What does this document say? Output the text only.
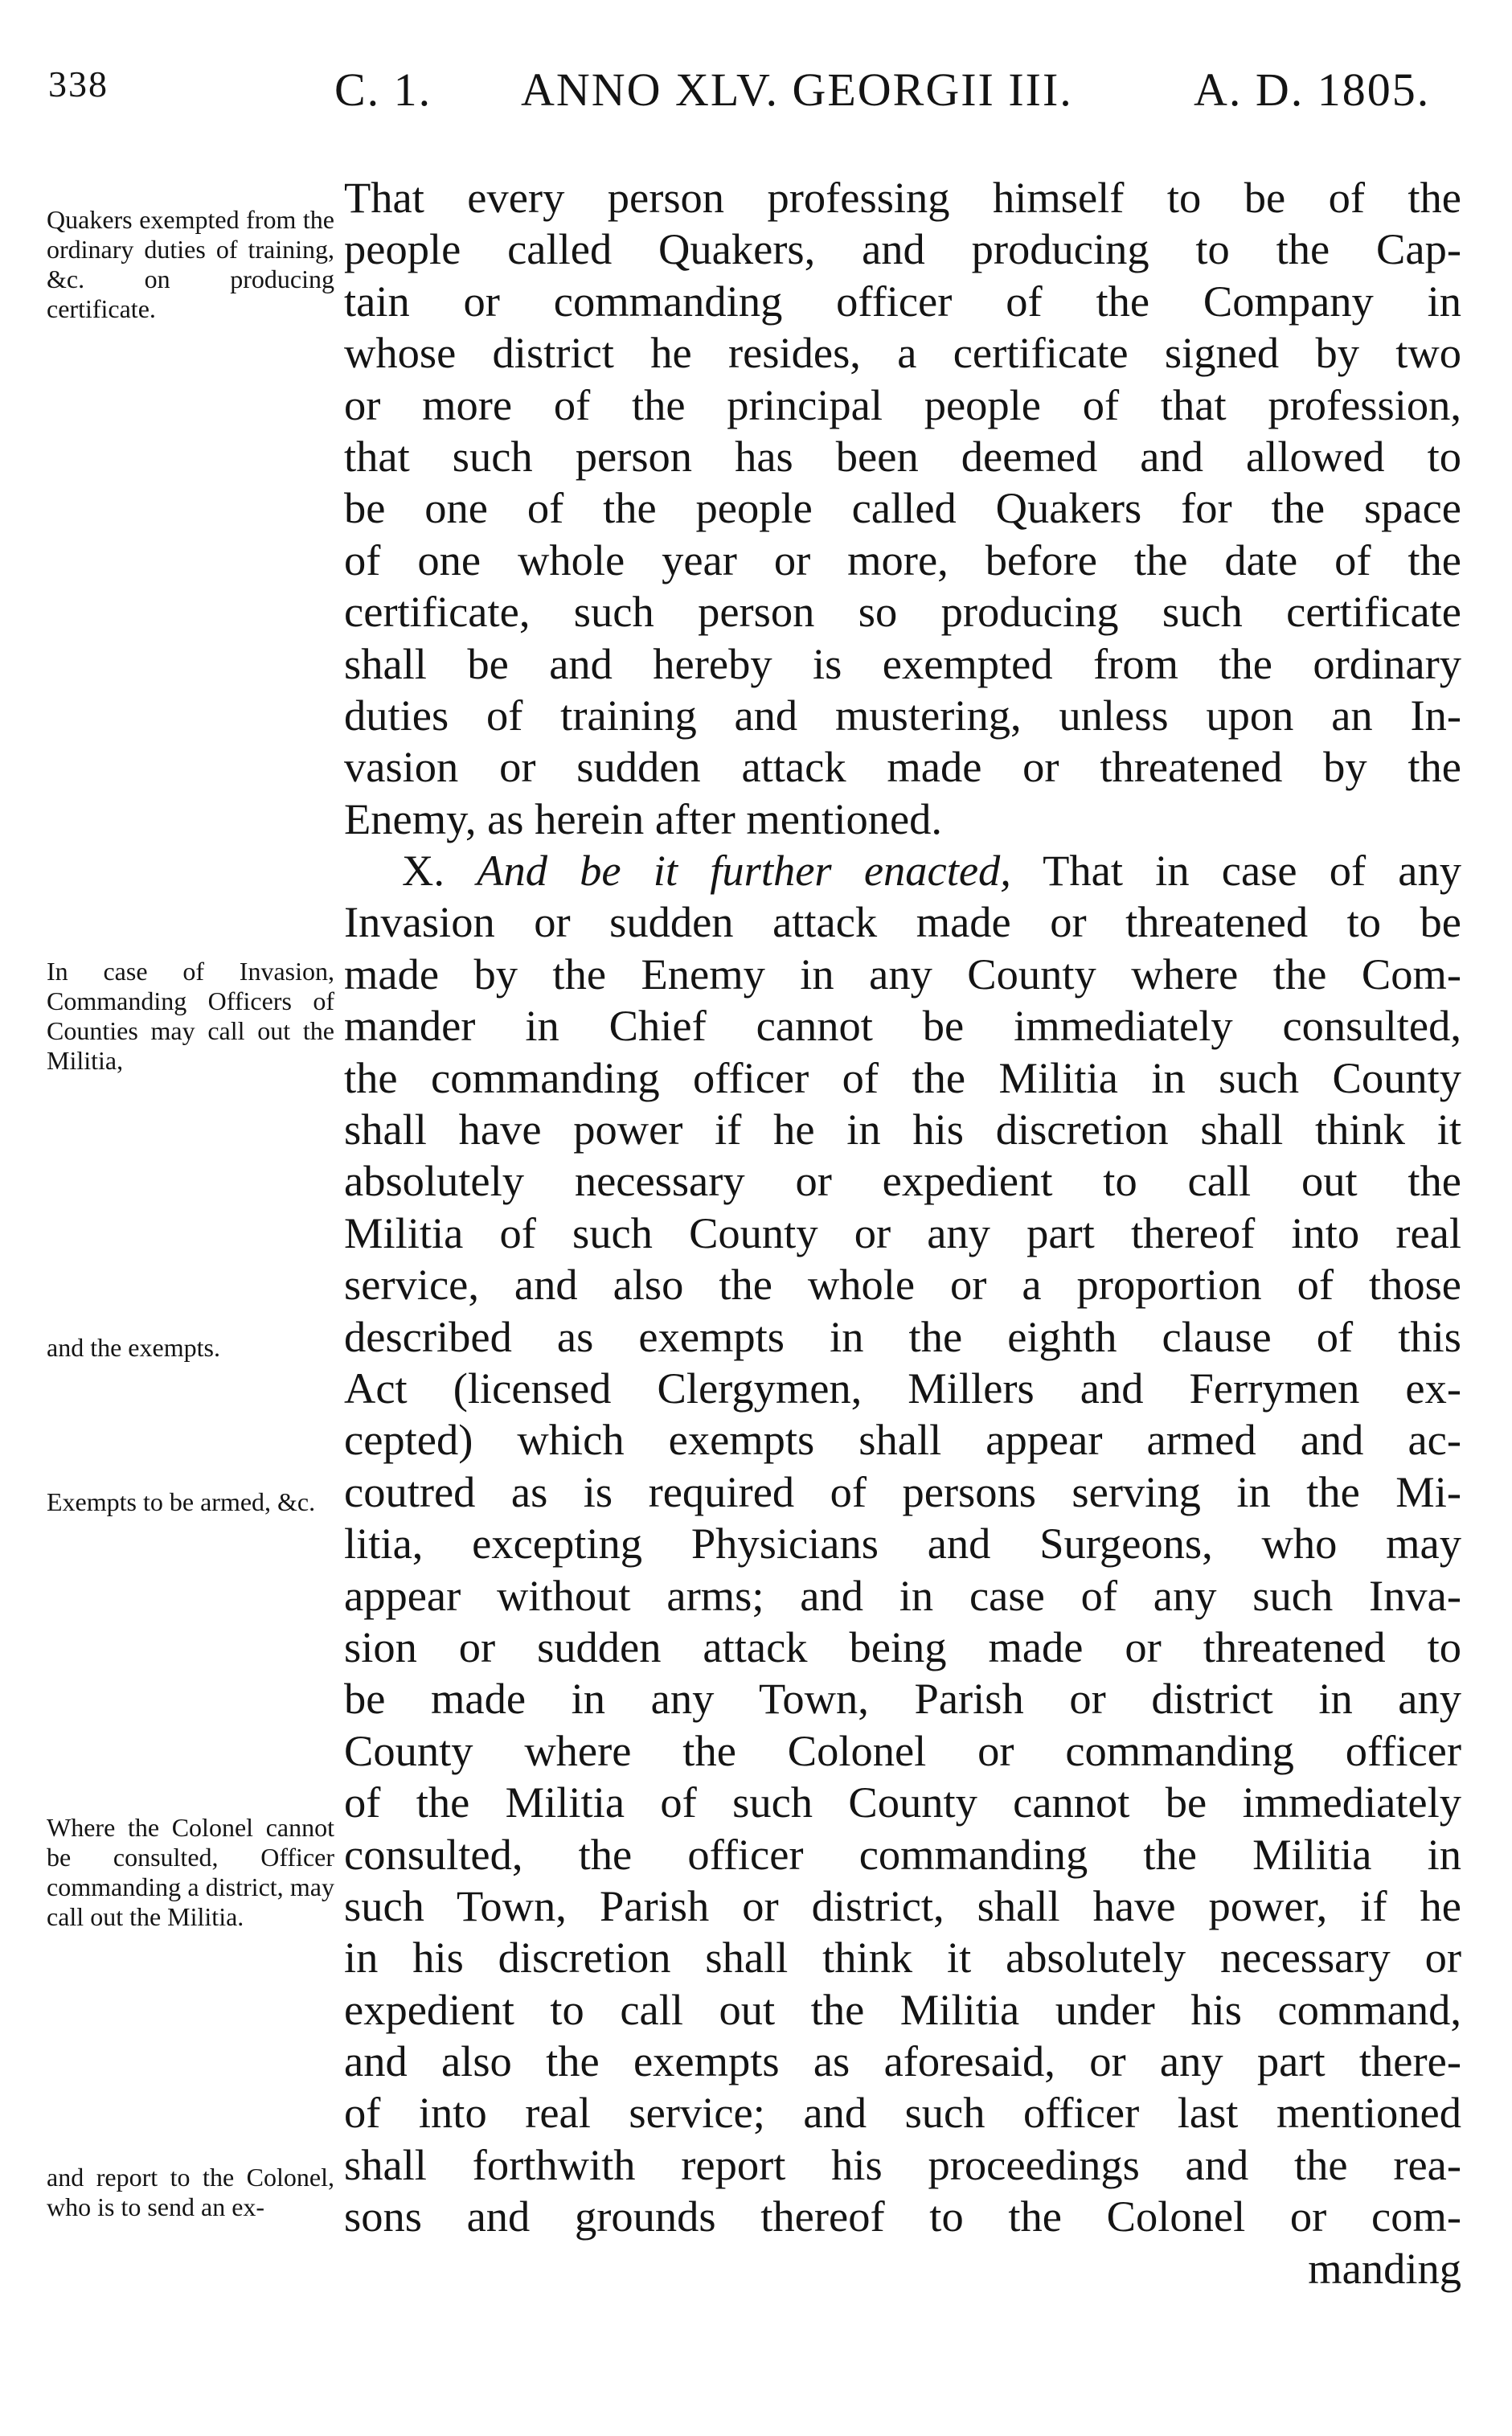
338	C. 1. ANNO XLV. GEORGII III.	A. D. 1805.
Quakers exempted from the ordinary duties of training, &c. on producing certificate.
In case of Invasion, Commanding Officers of Counties may call out the Militia,
and the exempts.
Exempts to be armed, &c.
Where the Colonel cannot be consulted, Officer commanding a district, may call out the Militia.
and report to the Colonel, who is to send an ex-
That every person professing himself to be of the
people called Quakers, and producing to the Cap-
tain or commanding officer of the Company in
whose district he resides, a certificate signed by two
or more of the principal people of that profession,
that such person has been deemed and allowed to
be one of the people called Quakers for the space
of one whole year or more, before the date of the
certificate, such person so producing such certificate
shall be and hereby is exempted from the ordinary
duties of training and mustering, unless upon an In-
vasion or sudden attack made or threatened by the
Enemy, as herein after mentioned.
X. And be it further enacted, That in case of any
Invasion or sudden attack made or threatened to be
made by the Enemy in any County where the Com-
mander in Chief cannot be immediately consulted,
the commanding officer of the Militia in such County
shall have power if he in his discretion shall think it
absolutely necessary or expedient to call out the
Militia of such County or any part thereof into real
service, and also the whole or a proportion of those
described as exempts in the eighth clause of this
Act (licensed Clergymen, Millers and Ferrymen ex-
cepted) which exempts shall appear armed and ac-
coutred as is required of persons serving in the Mi-
litia, excepting Physicians and Surgeons, who may
appear without arms; and in case of any such Inva-
sion or sudden attack being made or threatened to
be made in any Town, Parish or district in any
County where the Colonel or commanding officer
of the Militia of such County cannot be immediately
consulted, the officer commanding the Militia in
such Town, Parish or district, shall have power, if he
in his discretion shall think it absolutely necessary or
expedient to call out the Militia under his command,
and also the exempts as aforesaid, or any part there-
of into real service; and such officer last mentioned
shall forthwith report his proceedings and the rea-
sons and grounds thereof to the Colonel or com-
manding
